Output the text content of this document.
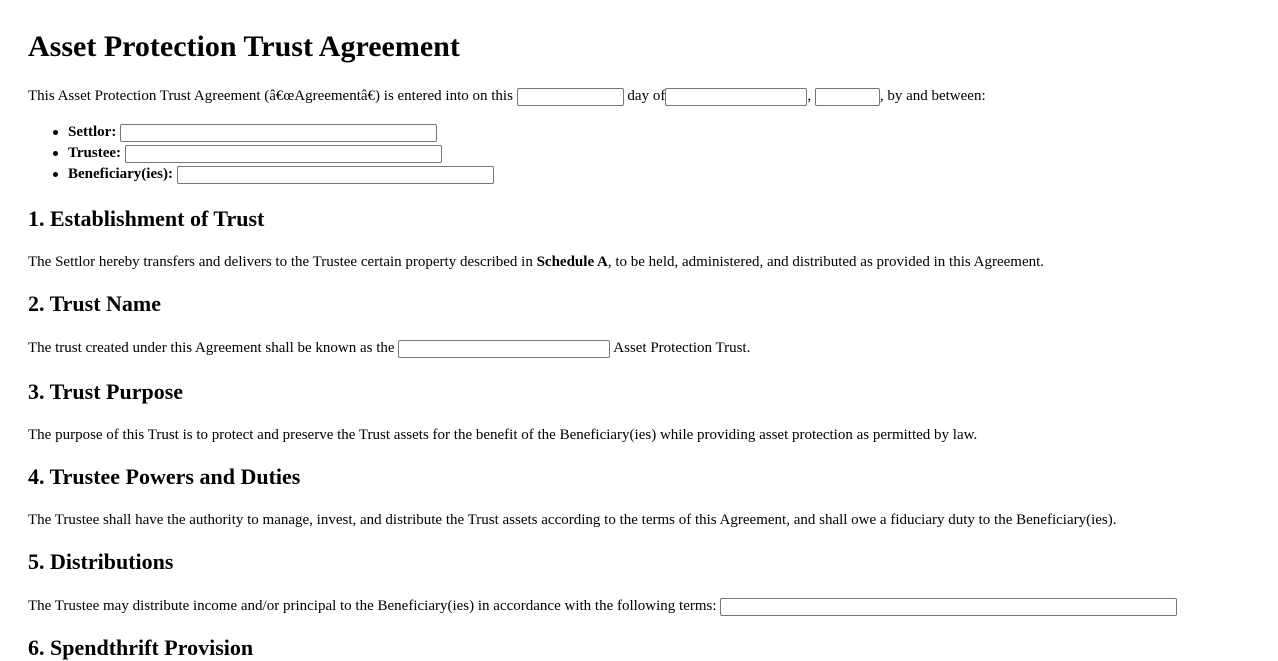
Asset Protection Trust Agreement

This Asset Protection Trust Agreement (â€œAgreementâ€) is entered into on this	day of	,	, by and between:

Settlor:
Trustee:
Beneficiary(ies):
1. Establishment of Trust

The Settlor hereby transfers and delivers to the Trustee certain property described in Schedule A, to be held, administered, and distributed as provided in this Agreement.

2. Trust Name

The trust created under this Agreement shall be known as the	Asset Protection Trust.

3. Trust Purpose

The purpose of this Trust is to protect and preserve the Trust assets for the benefit of the Beneficiary(ies) while providing asset protection as permitted by law.

4. Trustee Powers and Duties

The Trustee shall have the authority to manage, invest, and distribute the Trust assets according to the terms of this Agreement, and shall owe a fiduciary duty to the Beneficiary(ies).

5. Distributions

The Trustee may distribute income and/or principal to the Beneficiary(ies) in accordance with the following terms:

6. Spendthrift Provision
